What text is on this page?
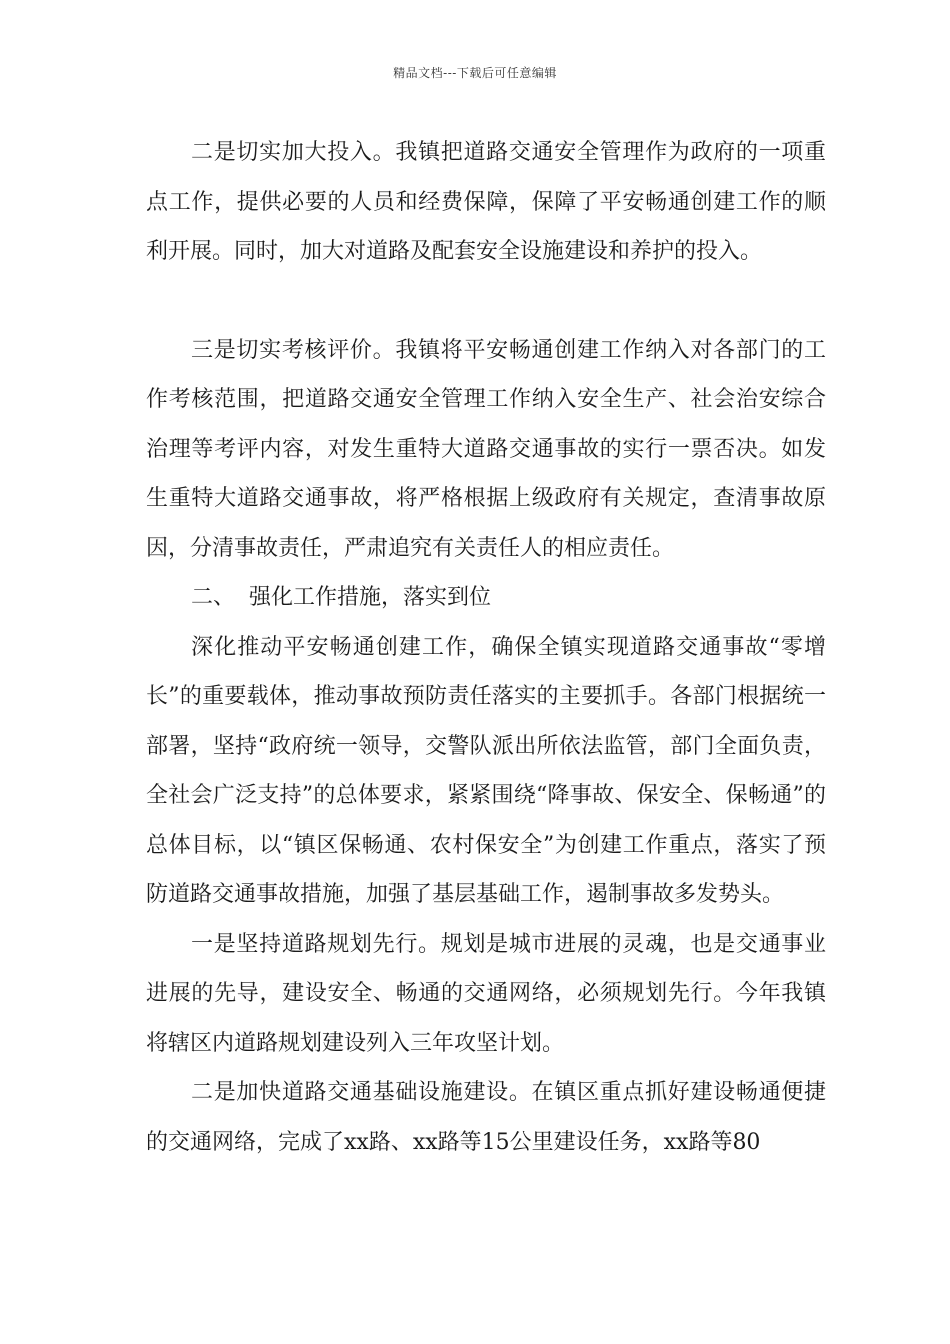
精品文档---下载后可任意编辑

二是切实加大投入。我镇把道路交通安全管理作为政府的一项重点工作，提供必要的人员和经费保障，保障了平安畅通创建工作的顺利开展。同时，加大对道路及配套安全设施建设和养护的投入。

三是切实考核评价。我镇将平安畅通创建工作纳入对各部门的工作考核范围，把道路交通安全管理工作纳入安全生产、社会治安综合治理等考评内容，对发生重特大道路交通事故的实行一票否决。如发生重特大道路交通事故，将严格根据上级政府有关规定，查清事故原因，分清事故责任，严肃追究有关责任人的相应责任。

二、  强化工作措施，落实到位

深化推动平安畅通创建工作，确保全镇实现道路交通事故“零增长”的重要载体，推动事故预防责任落实的主要抓手。各部门根据统一部署，坚持“政府统一领导，交警队派出所依法监管，部门全面负责，全社会广泛支持”的总体要求，紧紧围绕“降事故、保安全、保畅通”的总体目标，以“镇区保畅通、农村保安全”为创建工作重点，落实了预防道路交通事故措施，加强了基层基础工作，遏制事故多发势头。

一是坚持道路规划先行。规划是城市进展的灵魂，也是交通事业进展的先导，建设安全、畅通的交通网络，必须规划先行。今年我镇将辖区内道路规划建设列入三年攻坚计划。

二是加快道路交通基础设施建设。在镇区重点抓好建设畅通便捷的交通网络，完成了xx路、xx路等15公里建设任务，xx路等80
